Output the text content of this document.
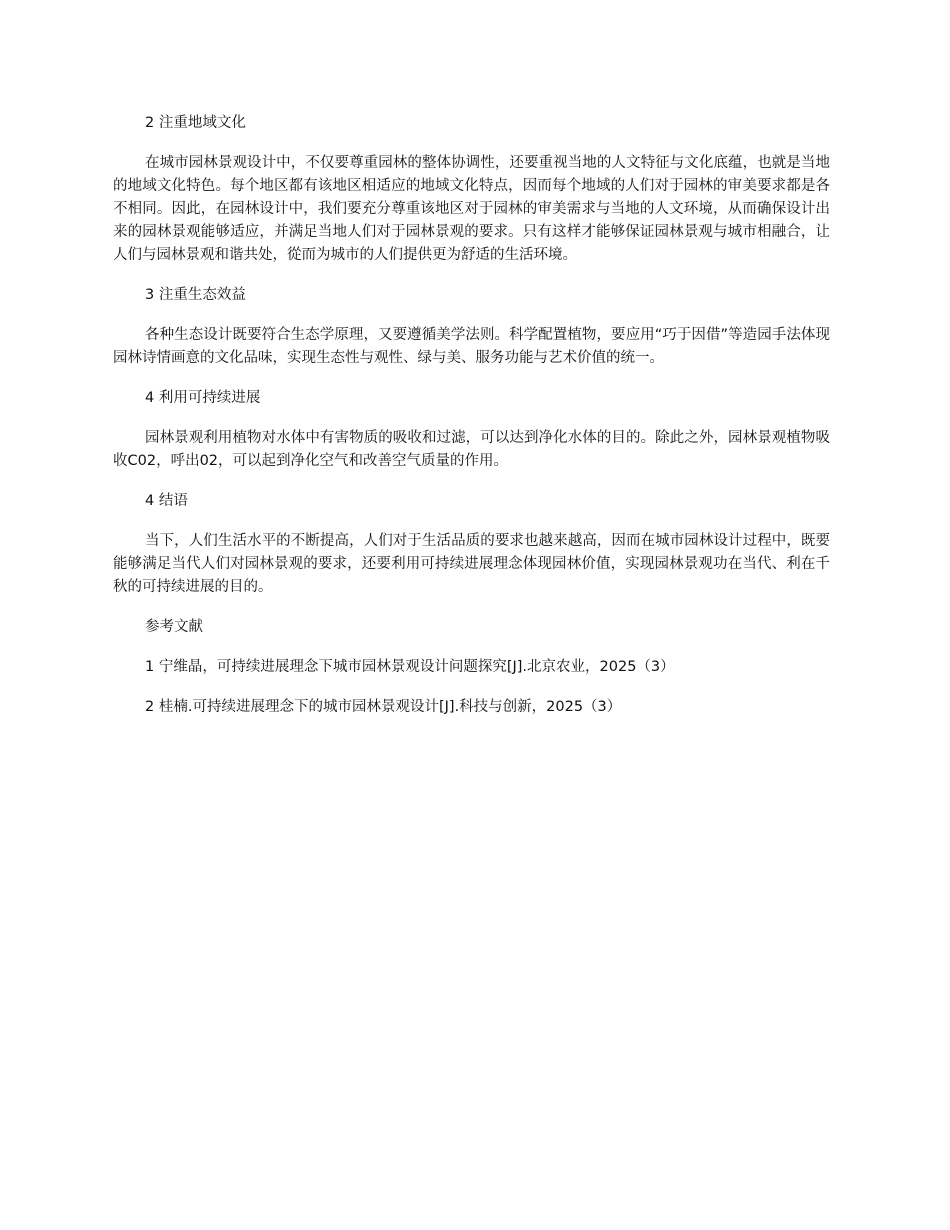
2 注重地域文化

在城市园林景观设计中，不仅要尊重园林的整体协调性，还要重视当地的人文特征与文化底蕴，也就是当地的地域文化特色。每个地区都有该地区相适应的地域文化特点，因而每个地域的人们对于园林的审美要求都是各不相同。因此，在园林设计中，我们要充分尊重该地区对于园林的审美需求与当地的人文环境，从而确保设计出来的园林景观能够适应，并满足当地人们对于园林景观的要求。只有这样才能够保证园林景观与城市相融合，让人们与园林景观和谐共处，從而为城市的人们提供更为舒适的生活环境。

3 注重生态效益

各种生态设计既要符合生态学原理，又要遵循美学法则。科学配置植物，要应用“巧于因借”等造园手法体现园林诗情画意的文化品味，实现生态性与观性、绿与美、服务功能与艺术价值的统一。

4 利用可持续进展

园林景观利用植物对水体中有害物质的吸收和过滤，可以达到净化水体的目的。除此之外，园林景观植物吸收C02，呼出02，可以起到净化空气和改善空气质量的作用。

4 结语

当下，人们生活水平的不断提高，人们对于生活品质的要求也越来越高，因而在城市园林设计过程中，既要能够满足当代人们对园林景观的要求，还要利用可持续进展理念体现园林价值，实现园林景观功在当代、利在千秋的可持续进展的目的。

参考文献
1 宁维晶，可持续进展理念下城市园林景观设计问题探究[J].北京农业，2025（3）
2 桂楠.可持续进展理念下的城市园林景观设计[J].科技与创新，2025（3）
